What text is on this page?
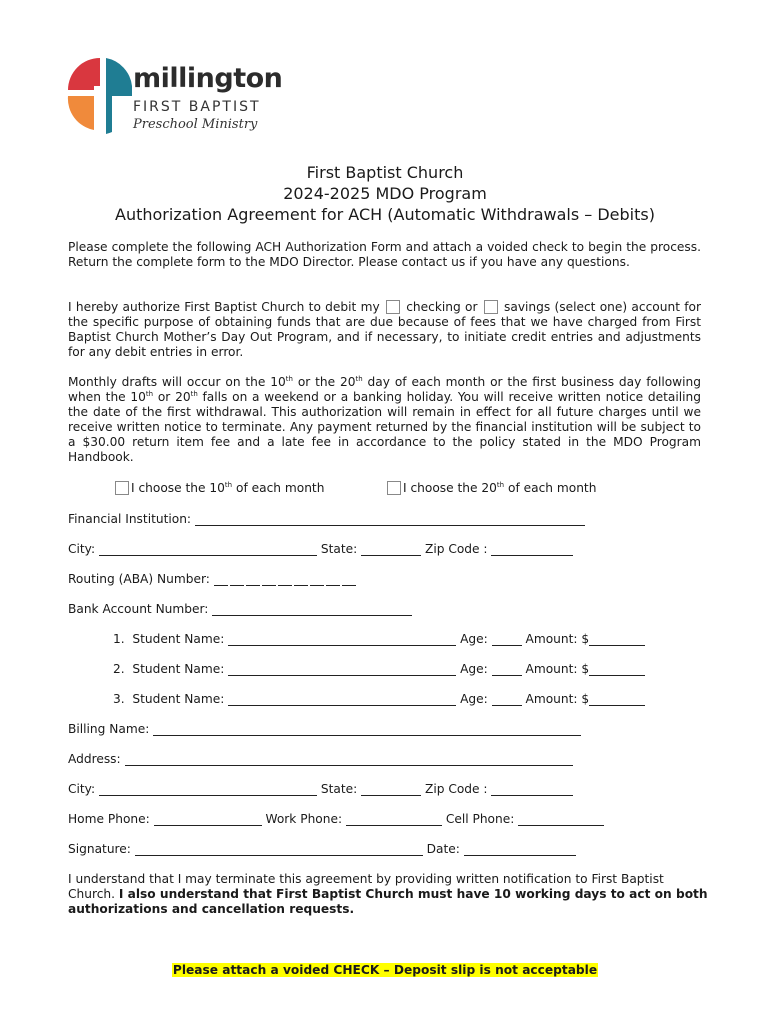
millington
FIRST BAPTIST
Preschool Ministry
First Baptist Church
2024-2025 MDO Program
Authorization Agreement for ACH (Automatic Withdrawals – Debits)
Please complete the following ACH Authorization Form and attach a voided check to begin the process. Return the complete form to the MDO Director. Please contact us if you have any questions.
I hereby authorize First Baptist Church to debit my checking or savings (select one) account for the specific purpose of obtaining funds that are due because of fees that we have charged from First Baptist Church Mother’s Day Out Program, and if necessary, to initiate credit entries and adjustments for any debit entries in error.
Monthly drafts will occur on the 10th or the 20th day of each month or the first business day following when the 10th or 20th falls on a weekend or a banking holiday. You will receive written notice detailing the date of the first withdrawal. This authorization will remain in effect for all future charges until we receive written notice to terminate. Any payment returned by the financial institution will be subject to a $30.00 return item fee and a late fee in accordance to the policy stated in the MDO Program Handbook.
I choose the 10th of each month	I choose the 20th of each month
Financial Institution:
City:	State:	Zip Code :
Routing (ABA) Number:
Bank Account Number:
1. Student Name:	Age:	Amount: $
2. Student Name:	Age:	Amount: $
3. Student Name:	Age:	Amount: $
Billing Name:
Address:
City:	State:	Zip Code :
Home Phone:	Work Phone:	Cell Phone:
Signature:	Date:
I understand that I may terminate this agreement by providing written notification to First Baptist Church. I also understand that First Baptist Church must have 10 working days to act on both authorizations and cancellation requests.
Please attach a voided CHECK – Deposit slip is not acceptable
